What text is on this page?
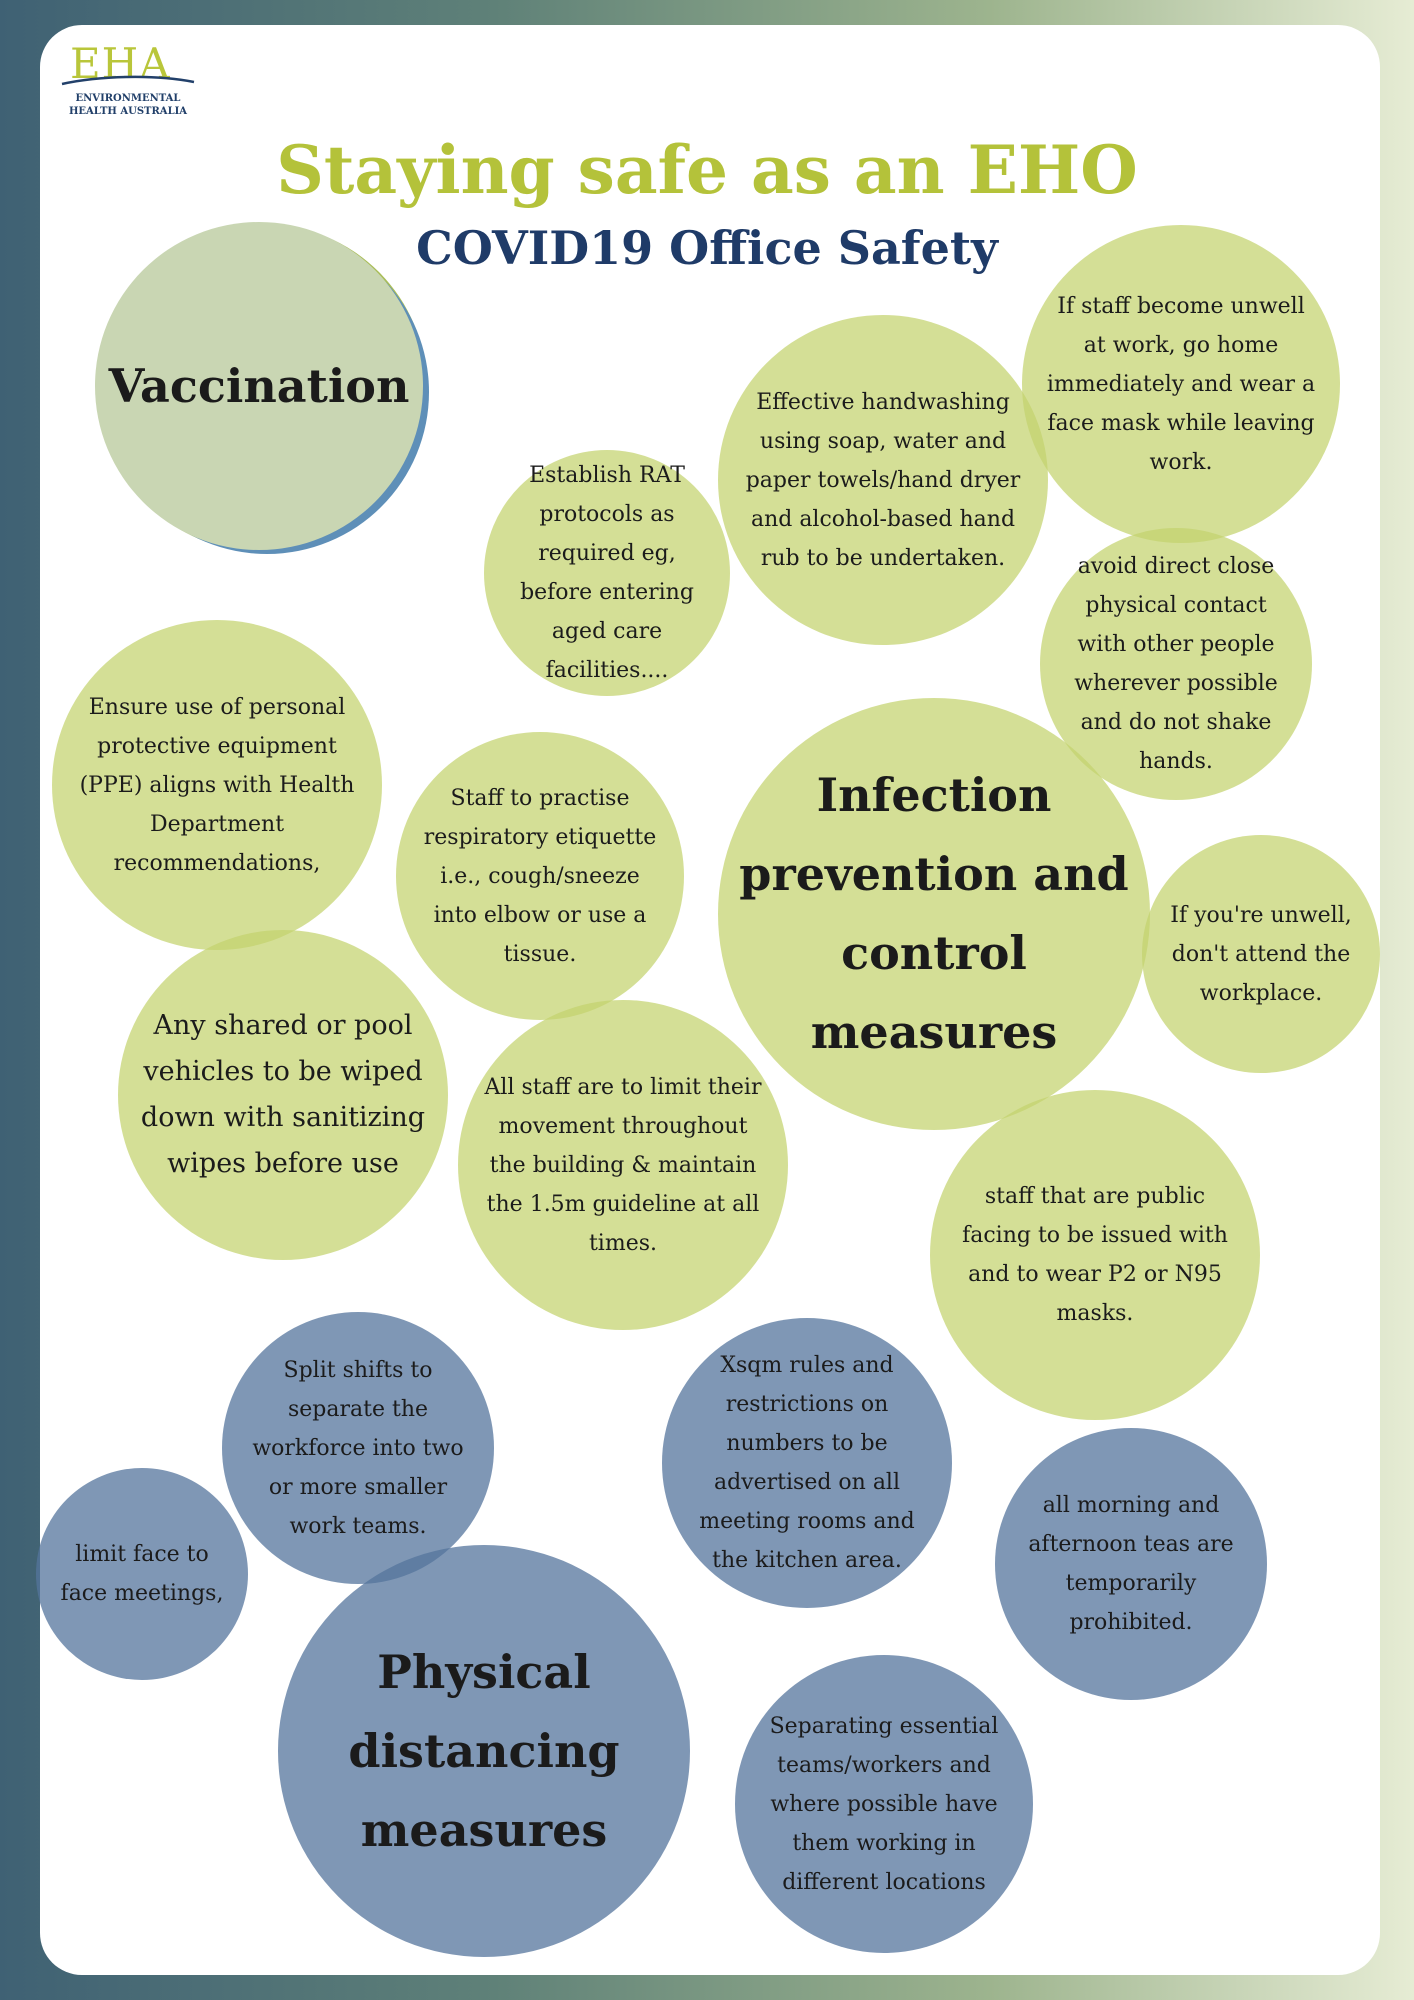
EHA
ENVIRONMENTAL
HEALTH AUSTRALIA
Staying safe as an EHO
COVID19 Office Safety
Vaccination
Establish RAT protocols as required eg, before entering aged care facilities....
Effective handwashing using soap, water and paper towels/hand dryer and alcohol-based hand rub to be undertaken.
If staff become unwell at work, go home immediately and wear a face mask while leaving work.
avoid direct close physical contact with other people wherever possible and do not shake hands.
Ensure use of personal protective equipment (PPE) aligns with Health Department recommendations,
Staff to practise respiratory etiquette i.e., cough/sneeze into elbow or use a tissue.
Infection prevention and control measures
If you're unwell, don't attend the workplace.
Any shared or pool vehicles to be wiped down with sanitizing wipes before use
All staff are to limit their movement throughout the building & maintain the 1.5m guideline at all times.
staff that are public facing to be issued with and to wear P2 or N95 masks.
Split shifts to separate the workforce into two or more smaller work teams.
Xsqm rules and restrictions on numbers to be advertised on all meeting rooms and the kitchen area.
limit face to face meetings,
all morning and afternoon teas are temporarily prohibited.
Physical distancing measures
Separating essential teams/workers and where possible have them working in different locations
